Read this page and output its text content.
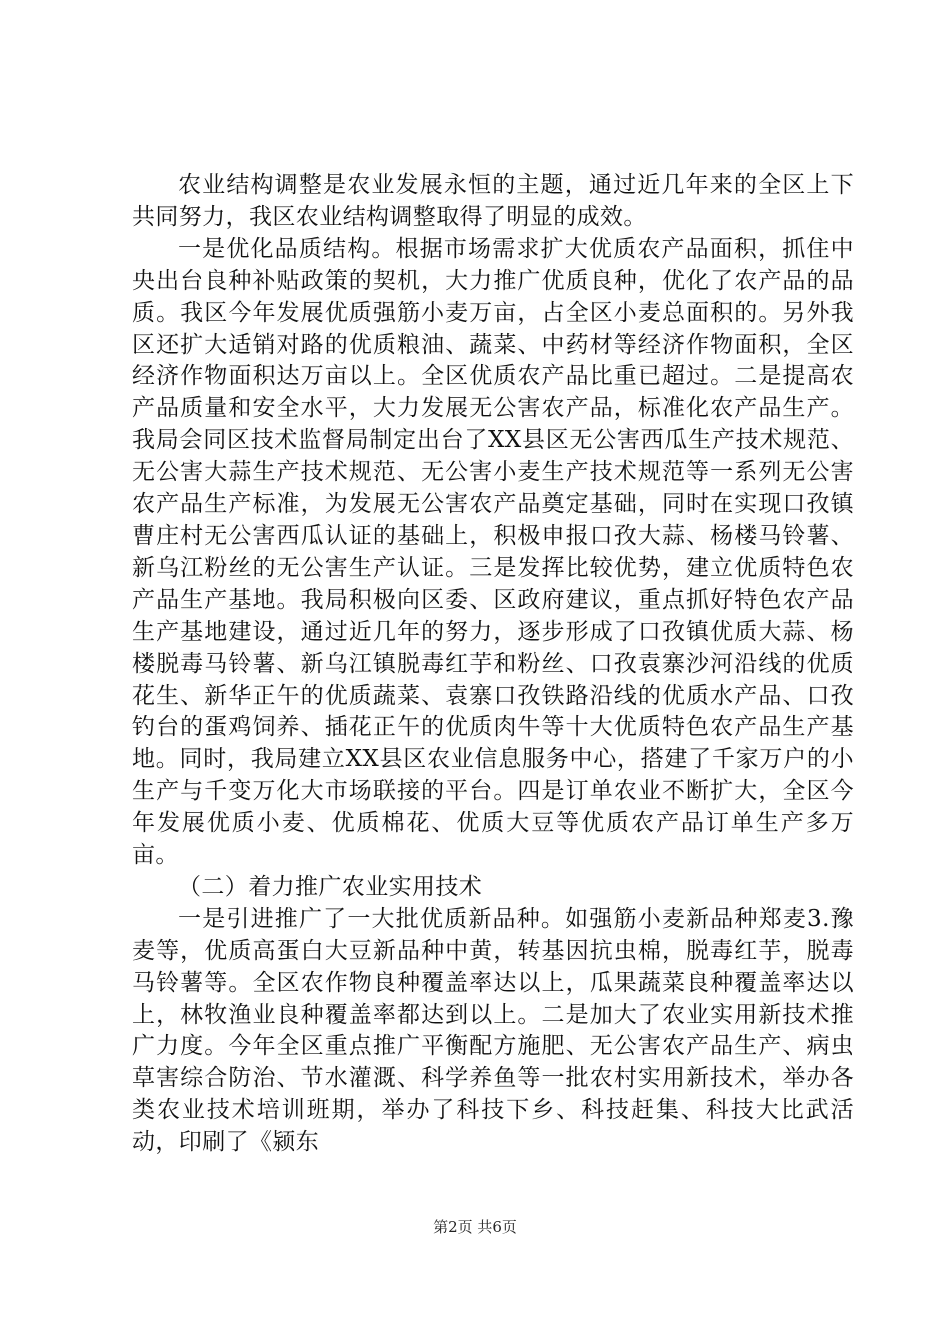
农业结构调整是农业发展永恒的主题，通过近几年来的全区上下共同努力，我区农业结构调整取得了明显的成效。

一是优化品质结构。根据市场需求扩大优质农产品面积，抓住中央出台良种补贴政策的契机，大力推广优质良种，优化了农产品的品质。我区今年发展优质强筋小麦万亩，占全区小麦总面积的。另外我区还扩大适销对路的优质粮油、蔬菜、中药材等经济作物面积，全区经济作物面积达万亩以上。全区优质农产品比重已超过。二是提高农产品质量和安全水平，大力发展无公害农产品，标准化农产品生产。我局会同区技术监督局制定出台了XX县区无公害西瓜生产技术规范、无公害大蒜生产技术规范、无公害小麦生产技术规范等一系列无公害农产品生产标准，为发展无公害农产品奠定基础，同时在实现口孜镇曹庄村无公害西瓜认证的基础上，积极申报口孜大蒜、杨楼马铃薯、新乌江粉丝的无公害生产认证。三是发挥比较优势，建立优质特色农产品生产基地。我局积极向区委、区政府建议，重点抓好特色农产品生产基地建设，通过近几年的努力，逐步形成了口孜镇优质大蒜、杨楼脱毒马铃薯、新乌江镇脱毒红芋和粉丝、口孜袁寨沙河沿线的优质花生、新华正午的优质蔬菜、袁寨口孜铁路沿线的优质水产品、口孜钓台的蛋鸡饲养、插花正午的优质肉牛等十大优质特色农产品生产基地。同时，我局建立XX县区农业信息服务中心，搭建了千家万户的小生产与千变万化大市场联接的平台。四是订单农业不断扩大，全区今年发展优质小麦、优质棉花、优质大豆等优质农产品订单生产多万亩。

（二）着力推广农业实用技术

一是引进推广了一大批优质新品种。如强筋小麦新品种郑麦3.豫麦等，优质高蛋白大豆新品种中黄，转基因抗虫棉，脱毒红芋，脱毒马铃薯等。全区农作物良种覆盖率达以上，瓜果蔬菜良种覆盖率达以上，林牧渔业良种覆盖率都达到以上。二是加大了农业实用新技术推广力度。今年全区重点推广平衡配方施肥、无公害农产品生产、病虫草害综合防治、节水灌溉、科学养鱼等一批农村实用新技术，举办各类农业技术培训班期，举办了科技下乡、科技赶集、科技大比武活动，印刷了《颍东

第2页 共6页
